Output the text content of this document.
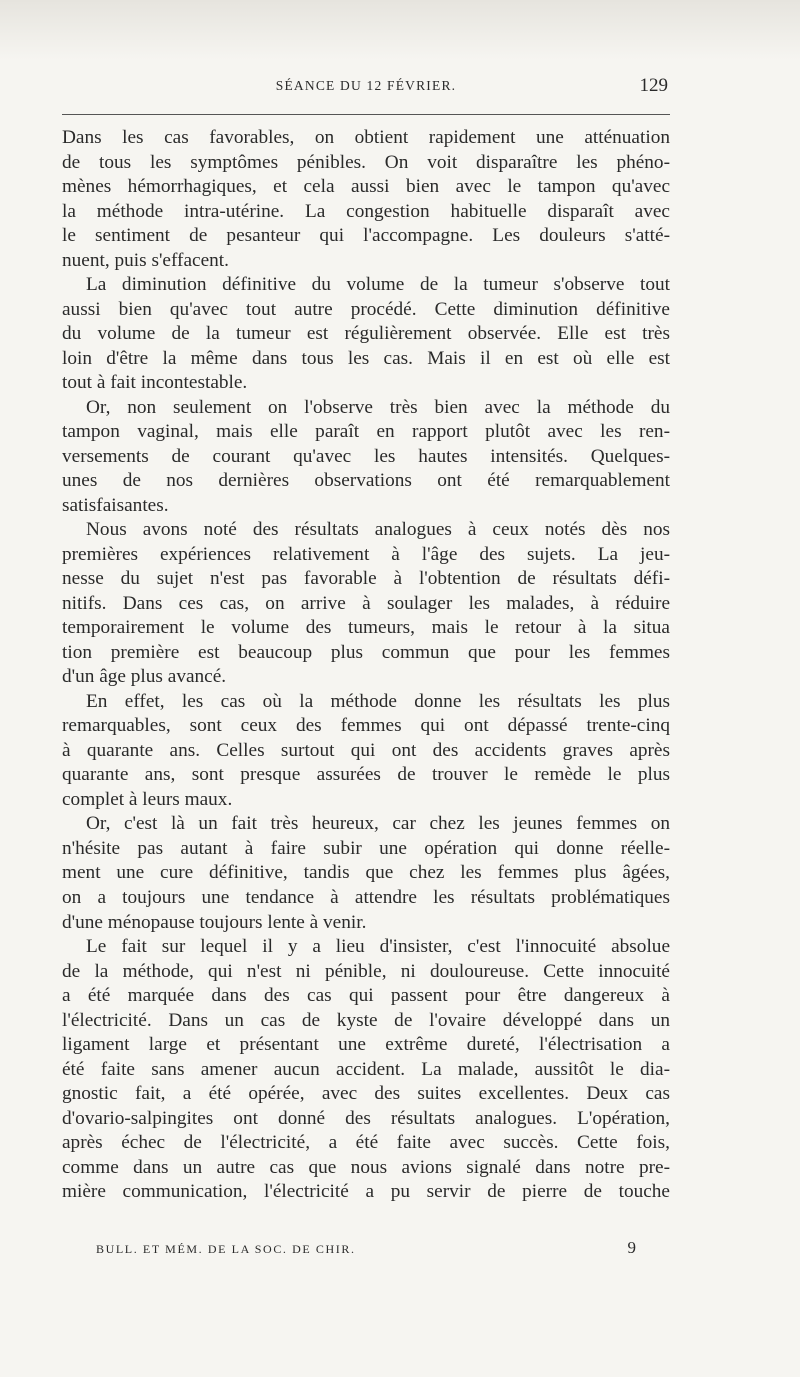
SÉANCE DU 12 FÉVRIER.	129
Dans les cas favorables, on obtient rapidement une atténuation
de tous les symptômes pénibles. On voit disparaître les phéno-
mènes hémorrhagiques, et cela aussi bien avec le tampon qu'avec
la méthode intra-utérine. La congestion habituelle disparaît avec
le sentiment de pesanteur qui l'accompagne. Les douleurs s'atté-
nuent, puis s'effacent.
La diminution définitive du volume de la tumeur s'observe tout
aussi bien qu'avec tout autre procédé. Cette diminution définitive
du volume de la tumeur est régulièrement observée. Elle est très
loin d'être la même dans tous les cas. Mais il en est où elle est
tout à fait incontestable.
Or, non seulement on l'observe très bien avec la méthode du
tampon vaginal, mais elle paraît en rapport plutôt avec les ren-
versements de courant qu'avec les hautes intensités. Quelques-
unes de nos dernières observations ont été remarquablement
satisfaisantes.
Nous avons noté des résultats analogues à ceux notés dès nos
premières expériences relativement à l'âge des sujets. La jeu-
nesse du sujet n'est pas favorable à l'obtention de résultats défi-
nitifs. Dans ces cas, on arrive à soulager les malades, à réduire
temporairement le volume des tumeurs, mais le retour à la situa
tion première est beaucoup plus commun que pour les femmes
d'un âge plus avancé.
En effet, les cas où la méthode donne les résultats les plus
remarquables, sont ceux des femmes qui ont dépassé trente-cinq
à quarante ans. Celles surtout qui ont des accidents graves après
quarante ans, sont presque assurées de trouver le remède le plus
complet à leurs maux.
Or, c'est là un fait très heureux, car chez les jeunes femmes on
n'hésite pas autant à faire subir une opération qui donne réelle-
ment une cure définitive, tandis que chez les femmes plus âgées,
on a toujours une tendance à attendre les résultats problématiques
d'une ménopause toujours lente à venir.
Le fait sur lequel il y a lieu d'insister, c'est l'innocuité absolue
de la méthode, qui n'est ni pénible, ni douloureuse. Cette innocuité
a été marquée dans des cas qui passent pour être dangereux à
l'électricité. Dans un cas de kyste de l'ovaire développé dans un
ligament large et présentant une extrême dureté, l'électrisation a
été faite sans amener aucun accident. La malade, aussitôt le dia-
gnostic fait, a été opérée, avec des suites excellentes. Deux cas
d'ovario-salpingites ont donné des résultats analogues. L'opération,
après échec de l'électricité, a été faite avec succès. Cette fois,
comme dans un autre cas que nous avions signalé dans notre pre-
mière communication, l'électricité a pu servir de pierre de touche
BULL. ET MÉM. DE LA SOC. DE CHIR.	9
